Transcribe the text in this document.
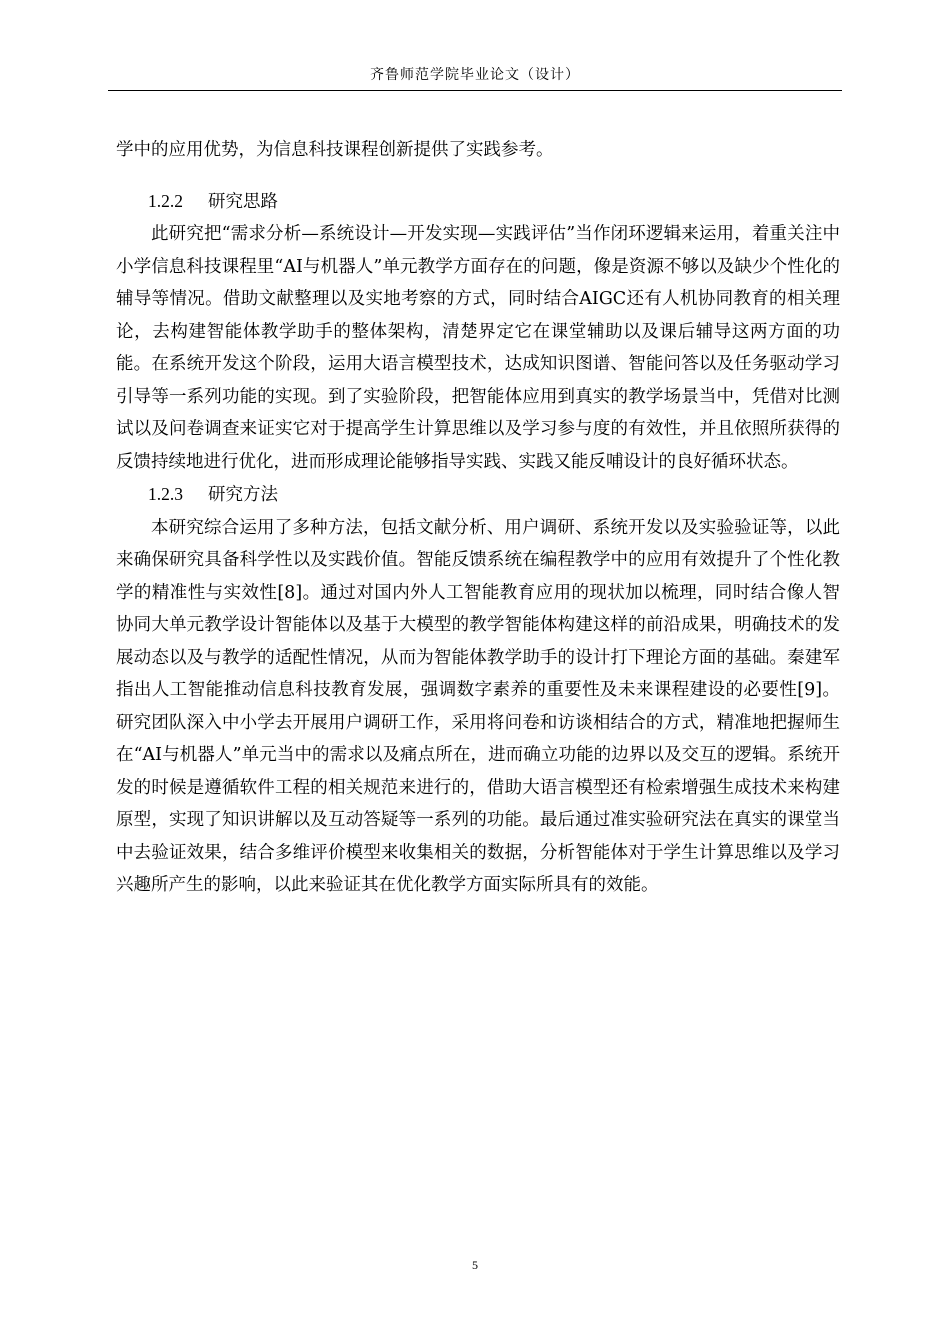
齐鲁师范学院毕业论文（设计）

学中的应用优势，为信息科技课程创新提供了实践参考。

1.2.2 研究思路

此研究把“需求分析—系统设计—开发实现—实践评估”当作闭环逻辑来运用，着重关注中小学信息科技课程里“AI与机器人”单元教学方面存在的问题，像是资源不够以及缺少个性化的辅导等情况。借助文献整理以及实地考察的方式，同时结合AIGC还有人机协同教育的相关理论，去构建智能体教学助手的整体架构，清楚界定它在课堂辅助以及课后辅导这两方面的功能。在系统开发这个阶段，运用大语言模型技术，达成知识图谱、智能问答以及任务驱动学习引导等一系列功能的实现。到了实验阶段，把智能体应用到真实的教学场景当中，凭借对比测试以及问卷调查来证实它对于提高学生计算思维以及学习参与度的有效性，并且依照所获得的反馈持续地进行优化，进而形成理论能够指导实践、实践又能反哺设计的良好循环状态。

1.2.3 研究方法

本研究综合运用了多种方法，包括文献分析、用户调研、系统开发以及实验验证等，以此来确保研究具备科学性以及实践价值。智能反馈系统在编程教学中的应用有效提升了个性化教学的精准性与实效性[8]。通过对国内外人工智能教育应用的现状加以梳理，同时结合像人智协同大单元教学设计智能体以及基于大模型的教学智能体构建这样的前沿成果，明确技术的发展动态以及与教学的适配性情况，从而为智能体教学助手的设计打下理论方面的基础。秦建军指出人工智能推动信息科技教育发展，强调数字素养的重要性及未来课程建设的必要性[9]。研究团队深入中小学去开展用户调研工作，采用将问卷和访谈相结合的方式，精准地把握师生在“AI与机器人”单元当中的需求以及痛点所在，进而确立功能的边界以及交互的逻辑。系统开发的时候是遵循软件工程的相关规范来进行的，借助大语言模型还有检索增强生成技术来构建原型，实现了知识讲解以及互动答疑等一系列的功能。最后通过准实验研究法在真实的课堂当中去验证效果，结合多维评价模型来收集相关的数据，分析智能体对于学生计算思维以及学习兴趣所产生的影响，以此来验证其在优化教学方面实际所具有的效能。

5
